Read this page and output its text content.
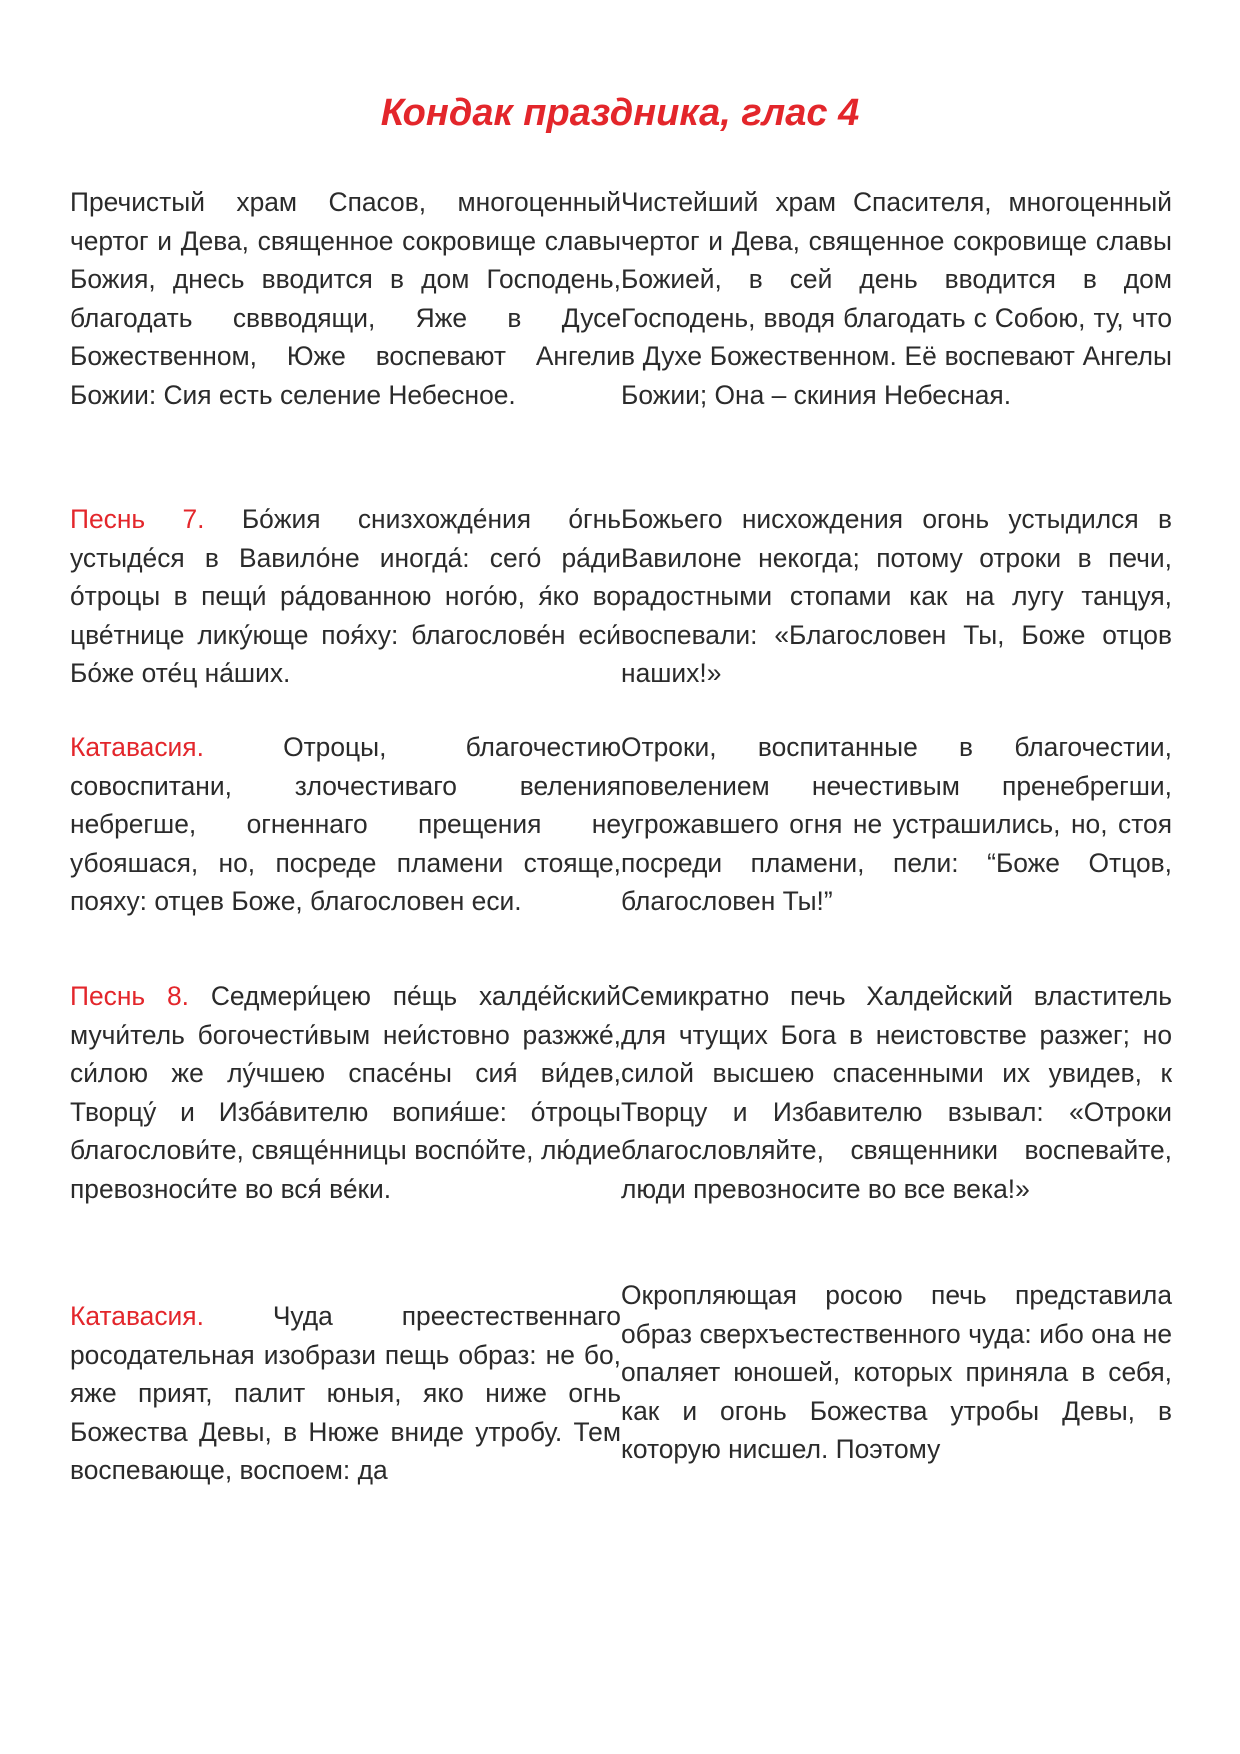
Кондак праздника, глас 4
Пречистый храм Спасов, многоценный чертог и Дева, священное сокровище славы Божия, днесь вводится в дом Господень, благодать сввводящи, Яже в Дусе Божественном, Юже воспевают Ангели Божии: Сия есть селение Небесное.
Чистейший храм Спасителя, многоценный чертог и Дева, священное сокровище славы Божией, в сей день вводится в дом Господень, вводя благодать с Собою, ту, что в Духе Божественном. Её воспевают Ангелы Божии; Она – скиния Небесная.
Песнь 7. Бо́жия снизхожде́ния о́гнь устыде́ся в Вавило́не иногда́: сего́ ра́ди о́троцы в пещи́ ра́дованною ного́ю, я́ко во цве́тнице лику́юще поя́ху: благослове́н еси́ Бо́же оте́ц на́ших.
Божьего нисхождения огонь устыдился в Вавилоне некогда; потому отроки в печи, радостными стопами как на лугу танцуя, воспевали: «Благословен Ты, Боже отцов наших!»
Катавасия.	Отроцы, благочестию совоспитани, злочестиваго веления небрегше, огненнаго прещения не убояшася, но, посреде пламени стояще, пояху: отцев Боже, благословен еси.
Отроки, воспитанные в благочестии, повелением нечестивым пренебрегши, угрожавшего огня не устрашились, но, стоя посреди пламени, пели: “Боже Отцов, благословен Ты!”
Песнь 8. Седмери́цею пе́щь халде́йский мучи́тель богочести́вым неи́стовно разжже́, си́лою же лу́чшею спасе́ны сия́ ви́дев, Творцу́ и Изба́вителю вопия́ше: о́троцы благослови́те, свяще́нницы воспо́йте, лю́дие превозноси́те во вся́ ве́ки.
Семикратно печь Халдейский властитель для чтущих Бога в неистовстве разжег; но силой высшею спасенными их увидев, к Творцу и Избавителю взывал: «Отроки благословляйте, священники воспевайте, люди превозносите во все века!»
Катавасия.	Чуда преестественнаго росодательная изобрази пещь образ: не бо, яже прият, палит юныя, яко ниже огнь Божества Девы, в Нюже вниде утробу. Тем воспевающе, воспоем: да
Окропляющая росою печь представила образ сверхъестественного чуда: ибо она не опаляет юношей, которых приняла в себя, как и огонь Божества утробы Девы, в которую нисшел. Поэтому
